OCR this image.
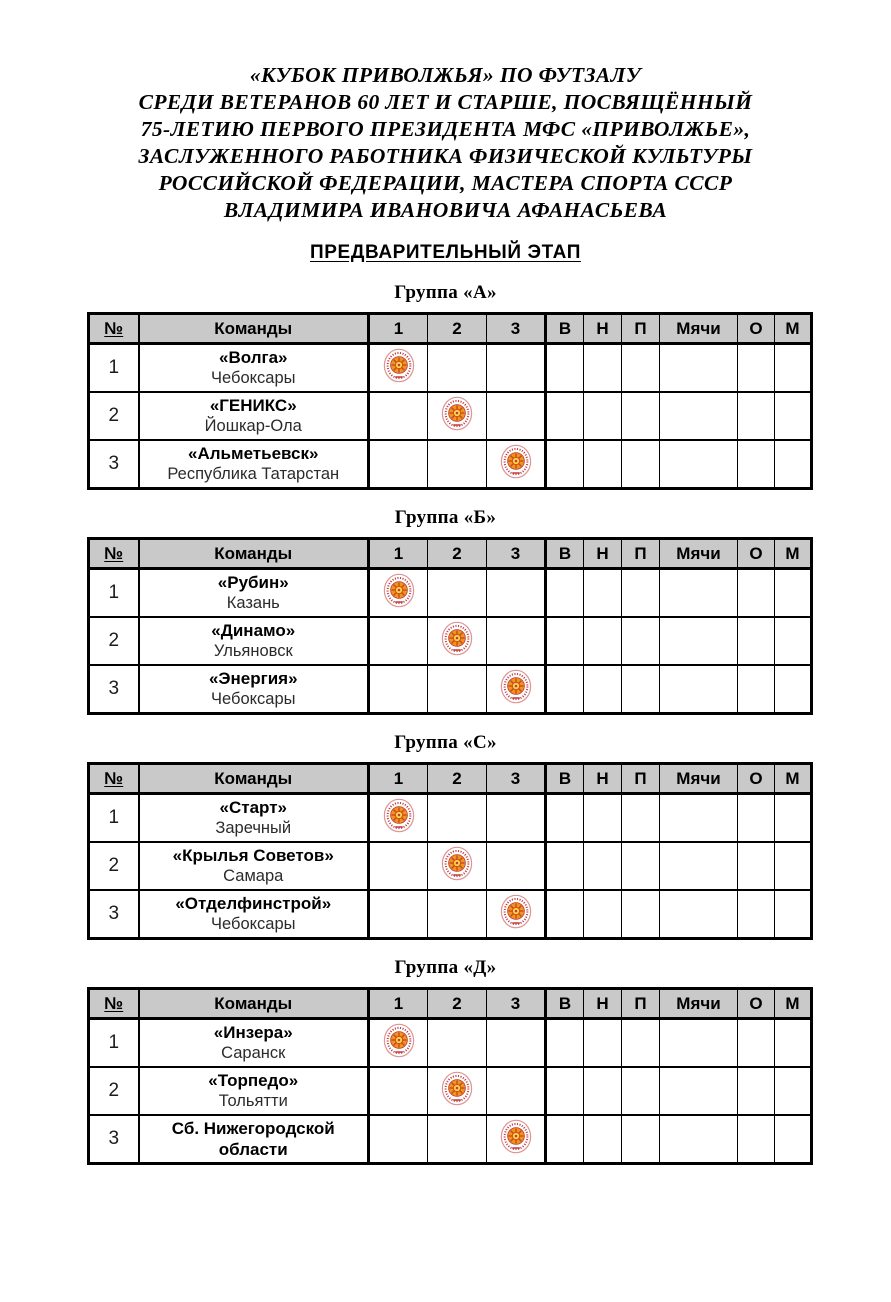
«КУБОК ПРИВОЛЖЬЯ» ПО ФУТЗАЛУ
СРЕДИ ВЕТЕРАНОВ 60 ЛЕТ И СТАРШЕ, ПОСВЯЩЁННЫЙ
75-ЛЕТИЮ ПЕРВОГО ПРЕЗИДЕНТА МФС «ПРИВОЛЖЬЕ»,
ЗАСЛУЖЕННОГО РАБОТНИКА ФИЗИЧЕСКОЙ КУЛЬТУРЫ
РОССИЙСКОЙ ФЕДЕРАЦИИ, МАСТЕРА СПОРТА СССР
ВЛАДИМИРА ИВАНОВИЧА АФАНАСЬЕВА
ПРЕДВАРИТЕЛЬНЫЙ ЭТАП
Группа «А»
№	Команды	1	2	3	В	Н	П	Мячи	О	М
1	«Волга»
Чебоксары

2	«ГЕНИКС»
Йошкар-Ола

3	«Альметьевск»
Республика Татарстан

Группа «Б»
№	Команды	1	2	3	В	Н	П	Мячи	О	М
1	«Рубин»
Казань

2	«Динамо»
Ульяновск

3	«Энергия»
Чебоксары

Группа «С»
№	Команды	1	2	3	В	Н	П	Мячи	О	М
1	«Старт»
Заречный

2	«Крылья Советов»
Самара

3	«Отделфинстрой»
Чебоксары

Группа «Д»
№	Команды	1	2	3	В	Н	П	Мячи	О	М
1	«Инзера»
Саранск

2	«Торпедо»
Тольятти

3	Сб. Нижегородской
области
